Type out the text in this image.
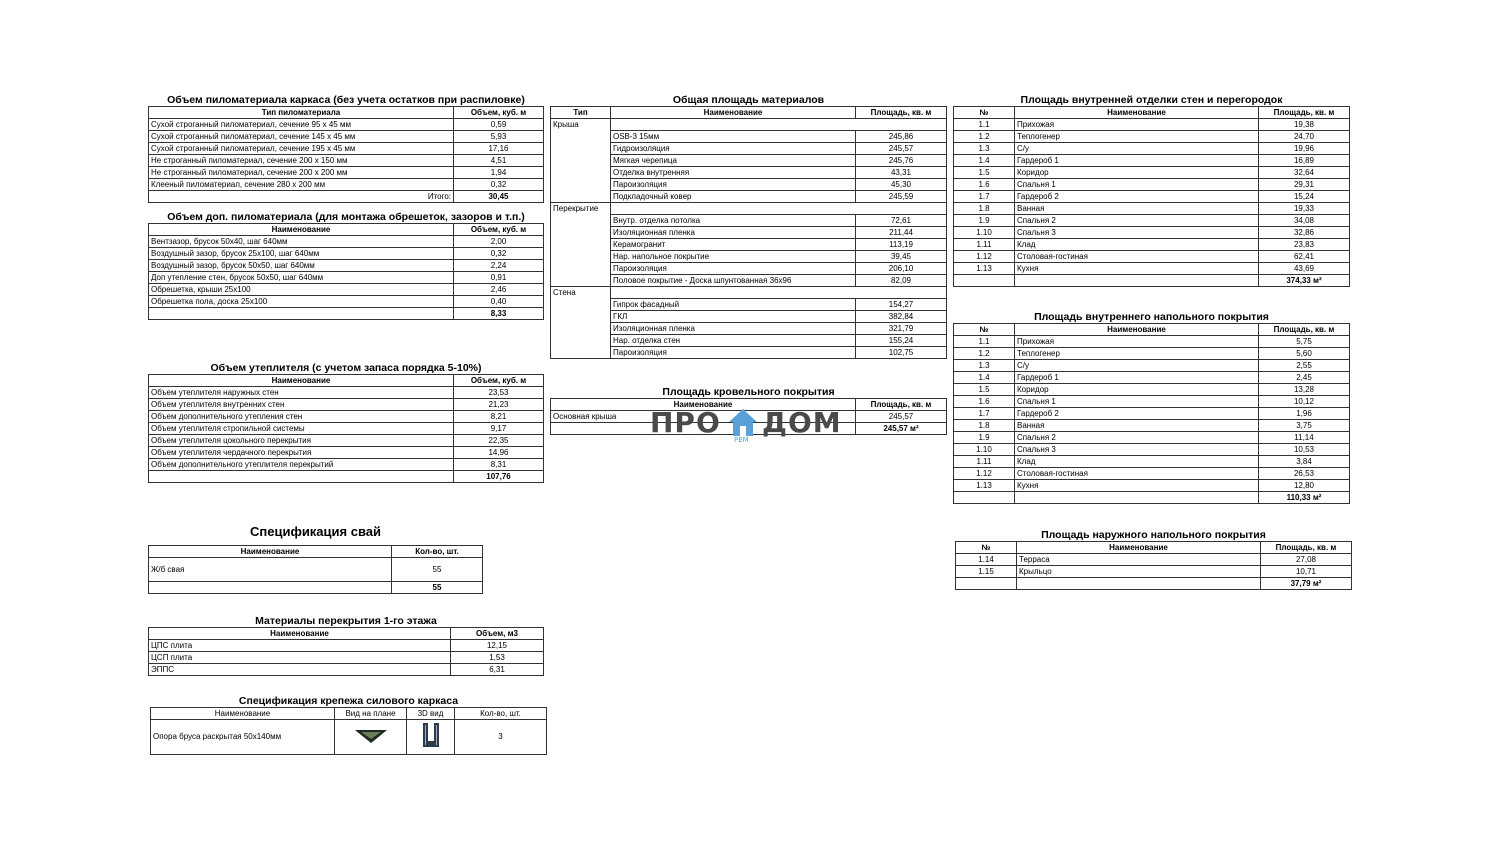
Объем пиломатериала каркаса (без учета остатков при распиловке)
Тип пиломатериала	Объем, куб. м
Сухой строганный пиломатериал, сечение 95 х 45 мм	0,59
Сухой строганный пиломатериал, сечение 145 х 45 мм	5,93
Сухой строганный пиломатериал, сечение 195 х 45 мм	17,16
Не строганный пиломатериал, сечение 200 х 150 мм	4,51
Не строганный пиломатериал, сечение 200 х 200 мм	1,94
Клееный пиломатериал, сечение 280 х 200 мм	0,32
Итого:	30,45
Объем доп. пиломатериала (для монтажа обрешеток, зазоров и т.п.)
Наименование	Объем, куб. м
Вентзазор, брусок 50х40, шаг 640мм	2,00
Воздушный зазор, брусок 25х100, шаг 640мм	0,32
Воздушный зазор, брусок 50х50, шаг 640мм	2,24
Доп утепление стен, брусок 50х50, шаг 640мм	0,91
Обрешетка, крыши 25х100	2,46
Обрешетка пола, доска 25х100	0,40
	8,33
Объем утеплителя (с учетом запаса порядка 5-10%)
Наименование	Объем, куб. м
Объем утеплителя наружных стен	23,53
Объем утеплителя внутренних стен	21,23
Объем дополнительного утепления стен	8,21
Объем утеплителя стропильной системы	9,17
Объем утеплителя цокольного перекрытия	22,35
Объем утеплителя чердачного перекрытия	14,96
Объем дополнительного утеплителя перекрытий	8,31
	107,76
Спецификация свай
Наименование	Кол-во, шт.
Ж/б свая	55
	55
Материалы перекрытия 1-го этажа
Наименование	Объем, м3
ЦПС плита	12,15
ЦСП плита	1,53
ЭППС	6,31
Спецификация крепежа силового каркаса
Наименование	Вид на плане	3D вид	Кол-во, шт.
Опора бруса раскрытая 50х140мм			3
Общая площадь материалов
Тип	Наименование	Площадь, кв. м
Крыша		
	OSB-3 15мм	245,86
	Гидроизоляция	245,57
	Мягкая черепица	245,76
	Отделка внутренняя	43,31
	Пароизоляция	45,30
	Подкладочный ковер	245,59
Перекрытие		
	Внутр. отделка потолка	72,61
	Изоляционная пленка	211,44
	Керамогранит	113,19
	Нар. напольное покрытие	39,45
	Пароизоляция	206,10
	Половое покрытие - Доска шпунтованная 36х96	82,09
Стена		
	Гипрок фасадный	154,27
	ГКЛ	382,84
	Изоляционная пленка	321,79
	Нар. отделка стен	155,24
	Пароизоляция	102,75
Площадь кровельного покрытия
Наименование	Площадь, кв. м
Основная крыша	245,57
	245,57 м²
ПРО
РЕМ
ДОМ
Площадь внутренней отделки стен и перегородок
№	Наименование	Площадь, кв. м
1.1	Прихожая	19,38
1.2	Теплогенер	24,70
1.3	С/у	19,96
1.4	Гардероб 1	16,89
1.5	Коридор	32,64
1.6	Спальня 1	29,31
1.7	Гардероб 2	15,24
1.8	Ванная	19,33
1.9	Спальня 2	34,08
1.10	Спальня 3	32,86
1.11	Клад	23,83
1.12	Столовая-гостиная	62,41
1.13	Кухня	43,69
		374,33 м²
Площадь внутреннего напольного покрытия
№	Наименование	Площадь, кв. м
1.1	Прихожая	5,75
1.2	Теплогенер	5,60
1.3	С/у	2,55
1.4	Гардероб 1	2,45
1.5	Коридор	13,28
1.6	Спальня 1	10,12
1.7	Гардероб 2	1,96
1.8	Ванная	3,75
1.9	Спальня 2	11,14
1.10	Спальня 3	10,53
1.11	Клад	3,84
1.12	Столовая-гостиная	26,53
1.13	Кухня	12,80
		110,33 м²
Площадь наружного напольного покрытия
№	Наименование	Площадь, кв. м
1.14	Терраса	27,08
1.15	Крыльцо	10,71
		37,79 м²
